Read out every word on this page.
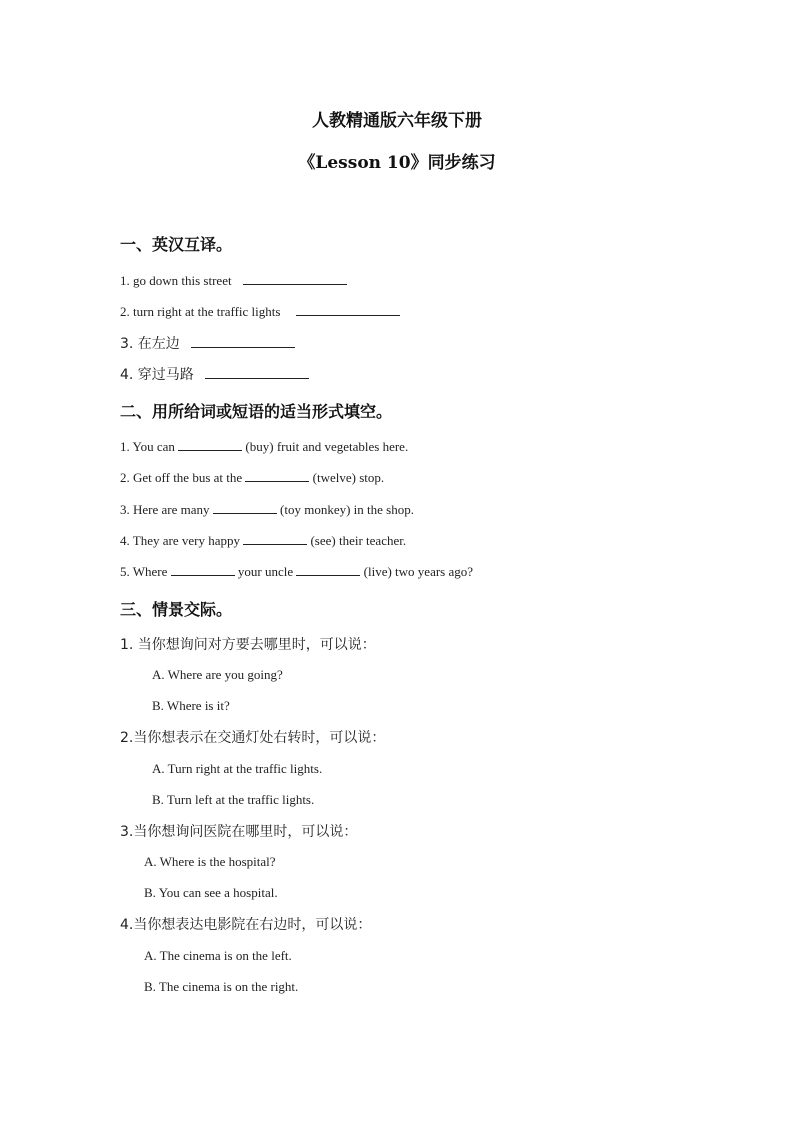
人教精通版六年级下册
《Lesson 10》同步练习
一、英汉互译。
1. go down this street
2. turn right at the traffic lights
3. 在左边
4. 穿过马路
二、用所给词或短语的适当形式填空。
1. You can	(buy) fruit and vegetables here.
2. Get off the bus at the	(twelve) stop.
3. Here are many	(toy monkey) in the shop.
4. They are very happy	(see) their teacher.
5. Where	your uncle	(live) two years ago?
三、情景交际。
1. 当你想询问对方要去哪里时，可以说：
A. Where are you going?
B. Where is it?
2.当你想表示在交通灯处右转时，可以说：
A. Turn right at the traffic lights.
B. Turn left at the traffic lights.
3.当你想询问医院在哪里时，可以说：
A. Where is the hospital?
B. You can see a hospital.
4.当你想表达电影院在右边时，可以说：
A. The cinema is on the left.
B. The cinema is on the right.
